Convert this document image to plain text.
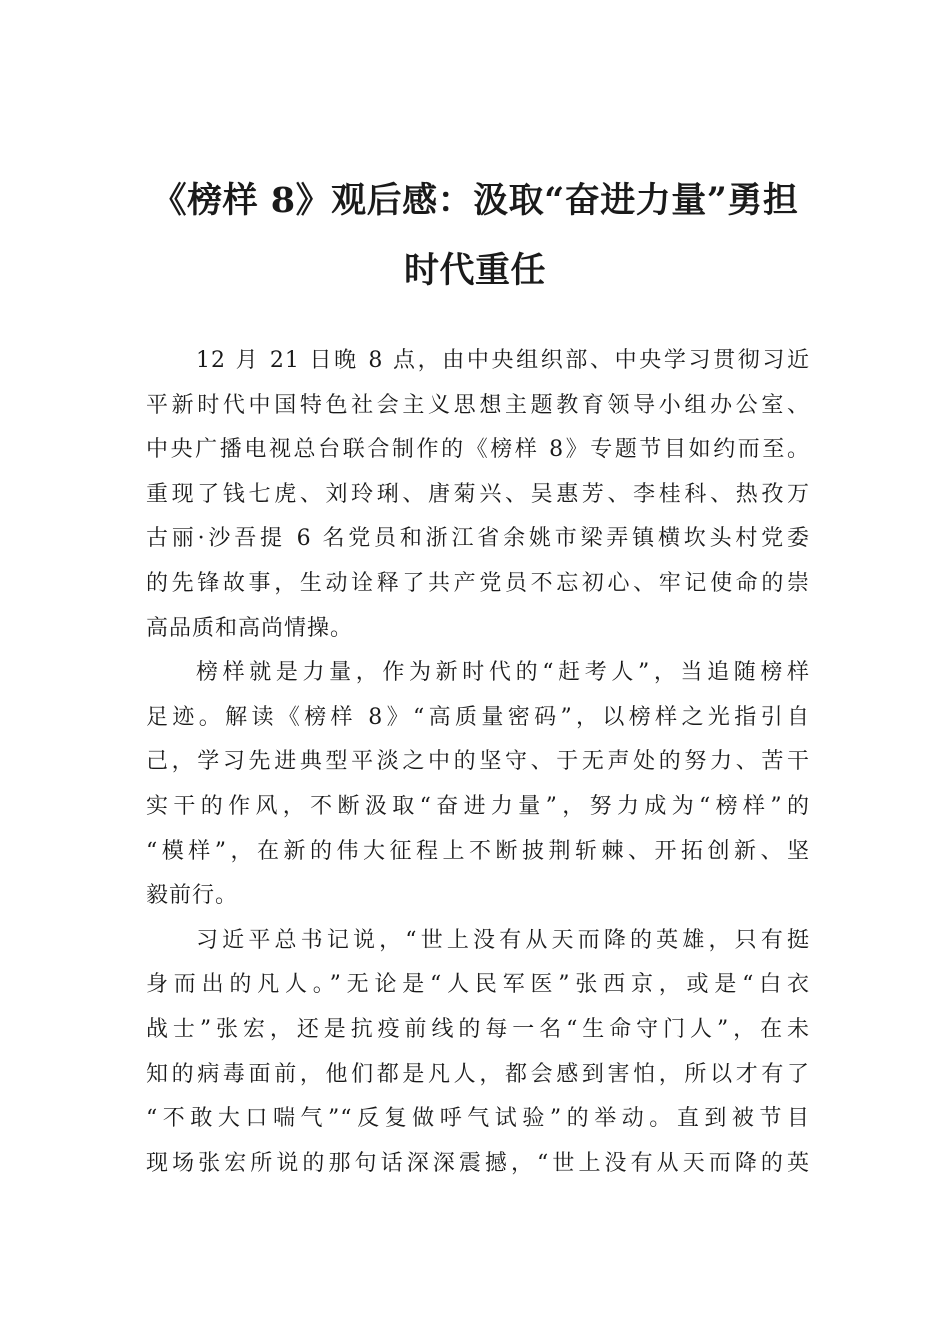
《榜样 8》观后感：汲取“奋进力量”勇担
时代重任
12 月 21 日晚 8 点，由中央组织部、中央学习贯彻习近
平新时代中国特色社会主义思想主题教育领导小组办公室、
中央广播电视总台联合制作的《榜样 8》专题节目如约而至。
重现了钱七虎、刘玲琍、唐菊兴、吴惠芳、李桂科、热孜万
古丽·沙吾提 6 名党员和浙江省余姚市梁弄镇横坎头村党委
的先锋故事，生动诠释了共产党员不忘初心、牢记使命的崇
高品质和高尚情操。
榜样就是力量，作为新时代的“赶考人”，当追随榜样
足迹。解读《榜样 8》“高质量密码”，以榜样之光指引自
己，学习先进典型平淡之中的坚守、于无声处的努力、苦干
实干的作风，不断汲取“奋进力量”，努力成为“榜样”的
“模样”，在新的伟大征程上不断披荆斩棘、开拓创新、坚
毅前行。
习近平总书记说，“世上没有从天而降的英雄，只有挺
身而出的凡人。”无论是“人民军医”张西京，或是“白衣
战士”张宏，还是抗疫前线的每一名“生命守门人”，在未
知的病毒面前，他们都是凡人，都会感到害怕，所以才有了
“不敢大口喘气”“反复做呼气试验”的举动。直到被节目
现场张宏所说的那句话深深震撼，“世上没有从天而降的英
